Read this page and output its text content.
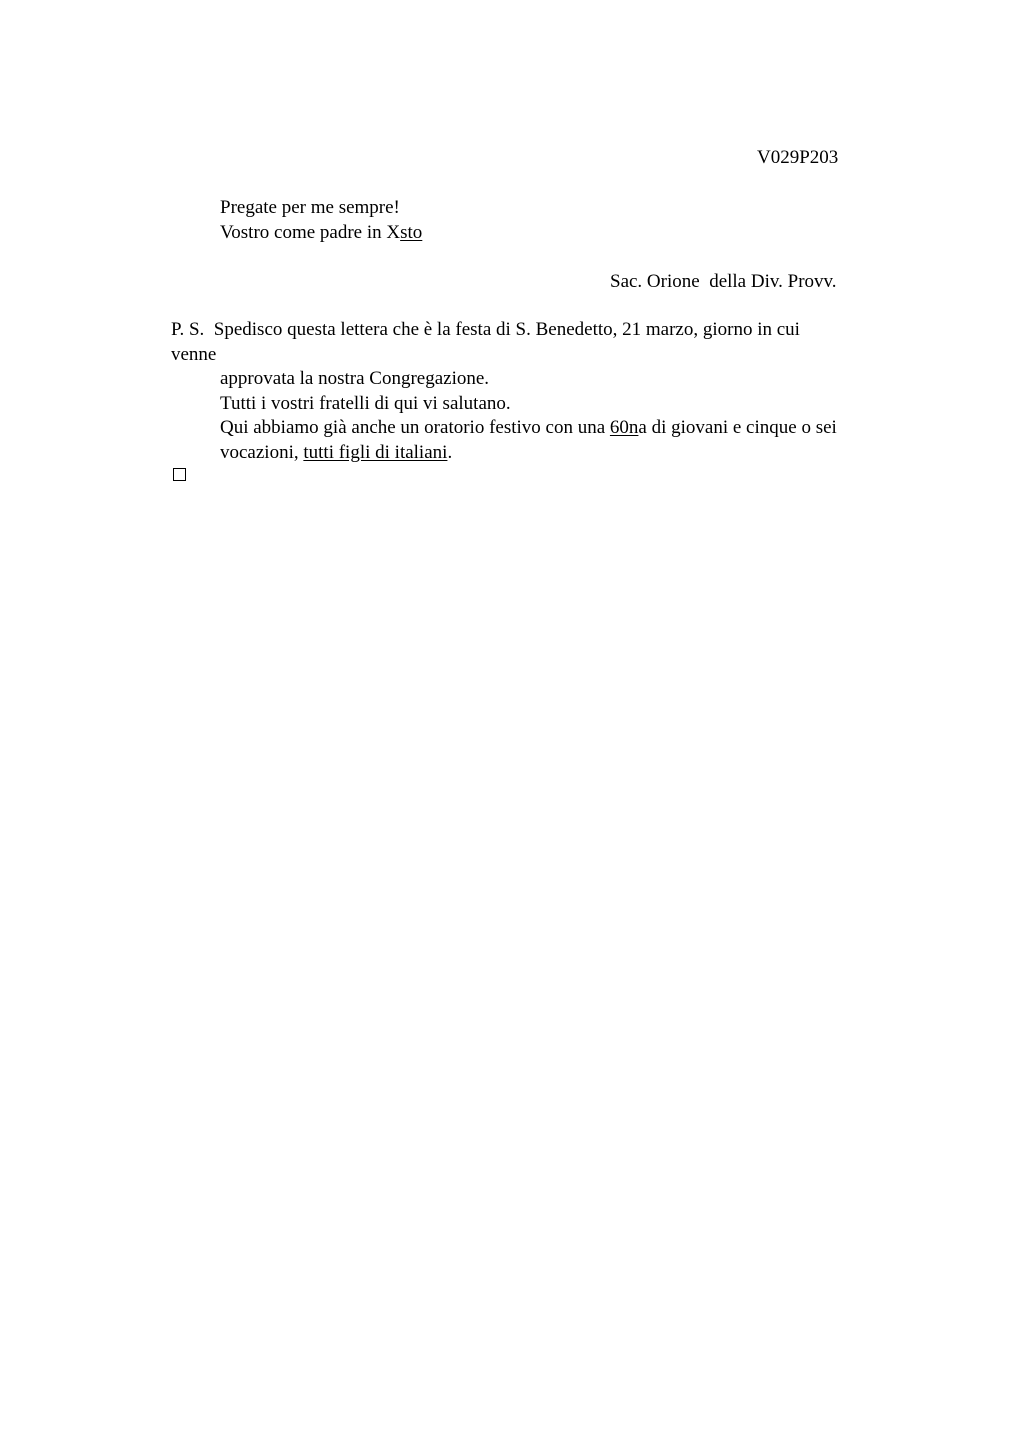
V029P203
Pregate per me sempre!
Vostro come padre in Xsto
Sac. Orione  della Div. Provv.
P. S.  Spedisco questa lettera che è la festa di S. Benedetto, 21 marzo, giorno in cui
venne
approvata la nostra Congregazione.
Tutti i vostri fratelli di qui vi salutano.
Qui abbiamo già anche un oratorio festivo con una 60na di giovani e cinque o sei
vocazioni, tutti figli di italiani.
